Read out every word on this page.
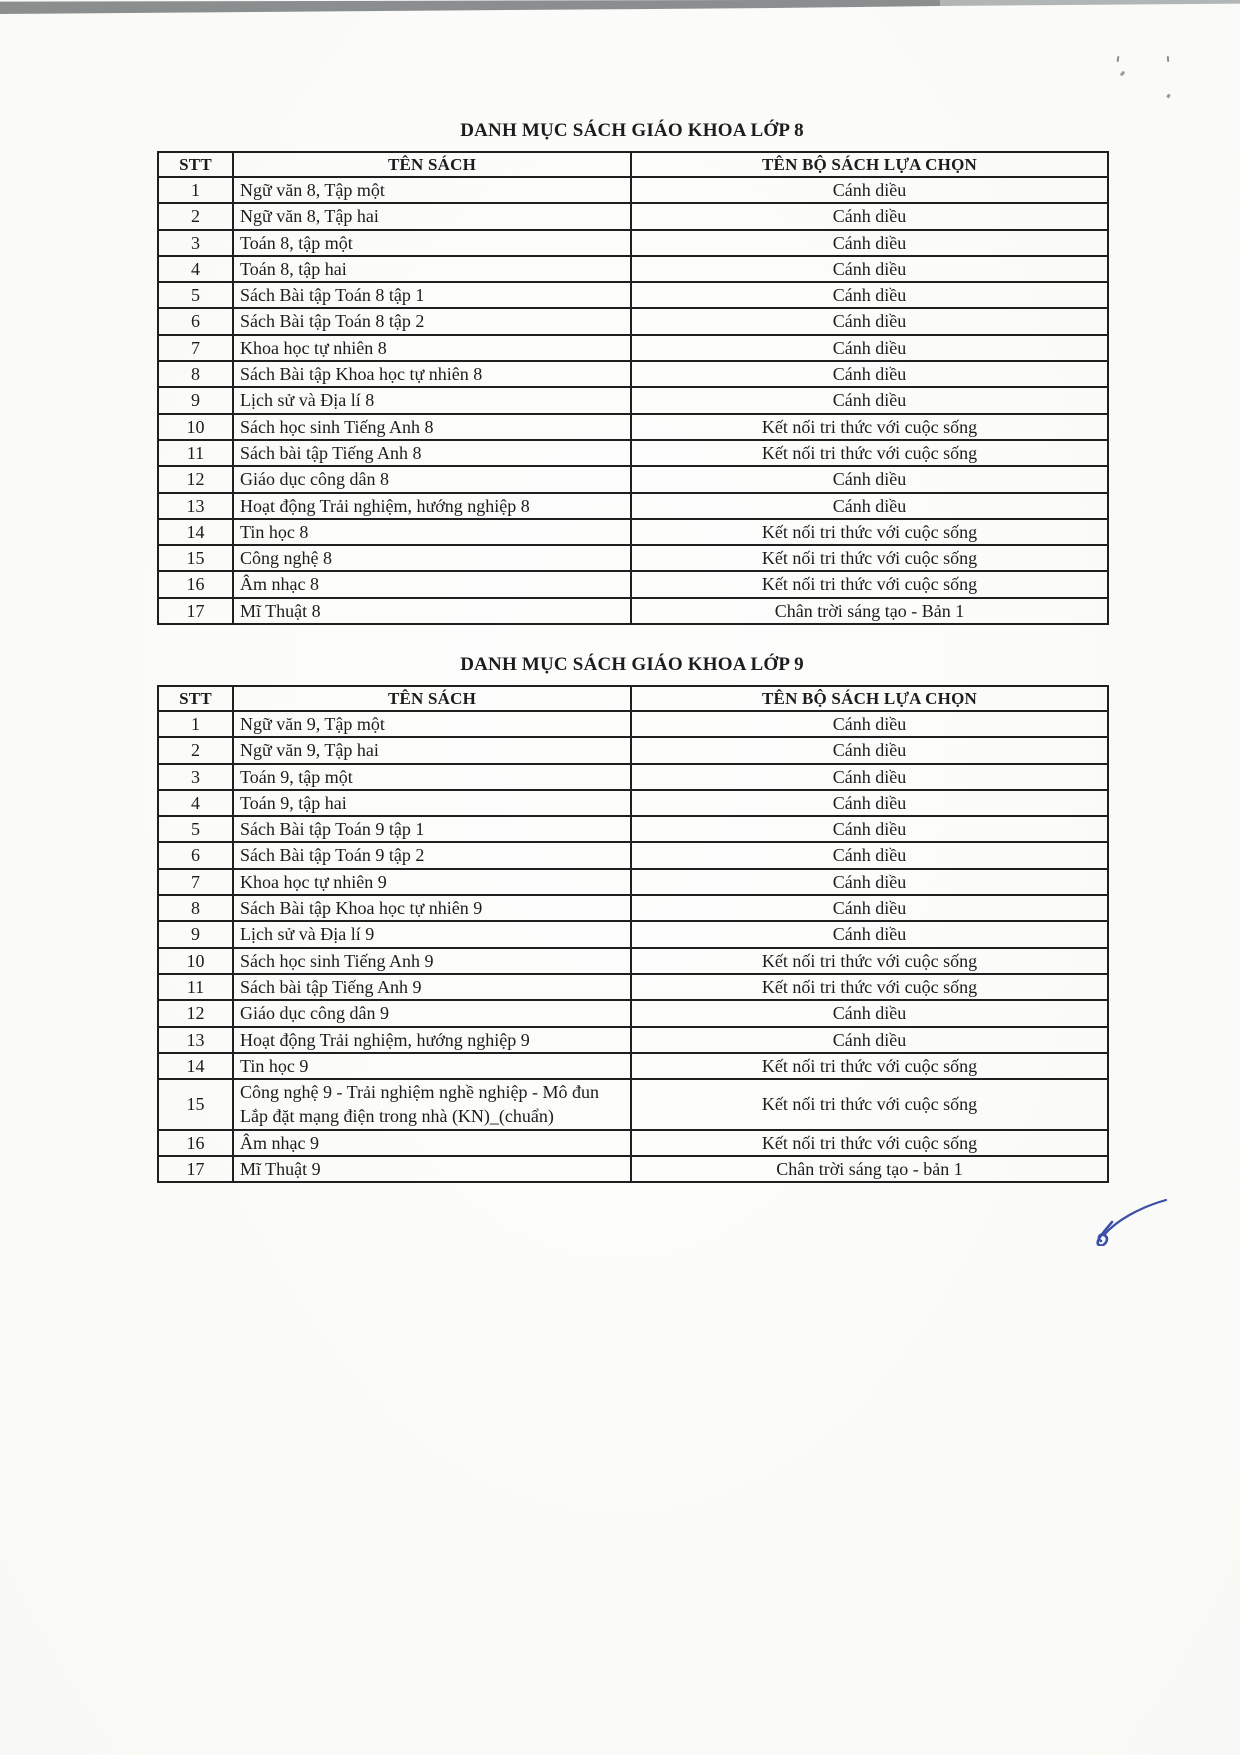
DANH MỤC SÁCH GIÁO KHOA LỚP 8
STT	TÊN SÁCH	TÊN BỘ SÁCH LỰA CHỌN
1	Ngữ văn 8, Tập một	Cánh diều
2	Ngữ văn 8, Tập hai	Cánh diều
3	Toán 8, tập một	Cánh diều
4	Toán 8, tập hai	Cánh diều
5	Sách Bài tập Toán 8 tập 1	Cánh diều
6	Sách Bài tập Toán 8 tập 2	Cánh diều
7	Khoa học tự nhiên 8	Cánh diều
8	Sách Bài tập Khoa học tự nhiên 8	Cánh diều
9	Lịch sử và Địa lí 8	Cánh diều
10	Sách học sinh Tiếng Anh 8	Kết nối tri thức với cuộc sống
11	Sách bài tập Tiếng Anh 8	Kết nối tri thức với cuộc sống
12	Giáo dục công dân 8	Cánh diều
13	Hoạt động Trải nghiệm, hướng nghiệp 8	Cánh diều
14	Tin học 8	Kết nối tri thức với cuộc sống
15	Công nghệ 8	Kết nối tri thức với cuộc sống
16	Âm nhạc 8	Kết nối tri thức với cuộc sống
17	Mĩ Thuật 8	Chân trời sáng tạo - Bản 1
DANH MỤC SÁCH GIÁO KHOA LỚP 9
STT	TÊN SÁCH	TÊN BỘ SÁCH LỰA CHỌN
1	Ngữ văn 9, Tập một	Cánh diều
2	Ngữ văn 9, Tập hai	Cánh diều
3	Toán 9, tập một	Cánh diều
4	Toán 9, tập hai	Cánh diều
5	Sách Bài tập Toán 9 tập 1	Cánh diều
6	Sách Bài tập Toán 9 tập 2	Cánh diều
7	Khoa học tự nhiên 9	Cánh diều
8	Sách Bài tập Khoa học tự nhiên 9	Cánh diều
9	Lịch sử và Địa lí 9	Cánh diều
10	Sách học sinh Tiếng Anh 9	Kết nối tri thức với cuộc sống
11	Sách bài tập Tiếng Anh 9	Kết nối tri thức với cuộc sống
12	Giáo dục công dân 9	Cánh diều
13	Hoạt động Trải nghiệm, hướng nghiệp 9	Cánh diều
14	Tin học 9	Kết nối tri thức với cuộc sống
15	Công nghệ 9 - Trải nghiệm nghề nghiệp - Mô đun Lắp đặt mạng điện trong nhà (KN)_(chuẩn)	Kết nối tri thức với cuộc sống
16	Âm nhạc 9	Kết nối tri thức với cuộc sống
17	Mĩ Thuật 9	Chân trời sáng tạo - bản 1
